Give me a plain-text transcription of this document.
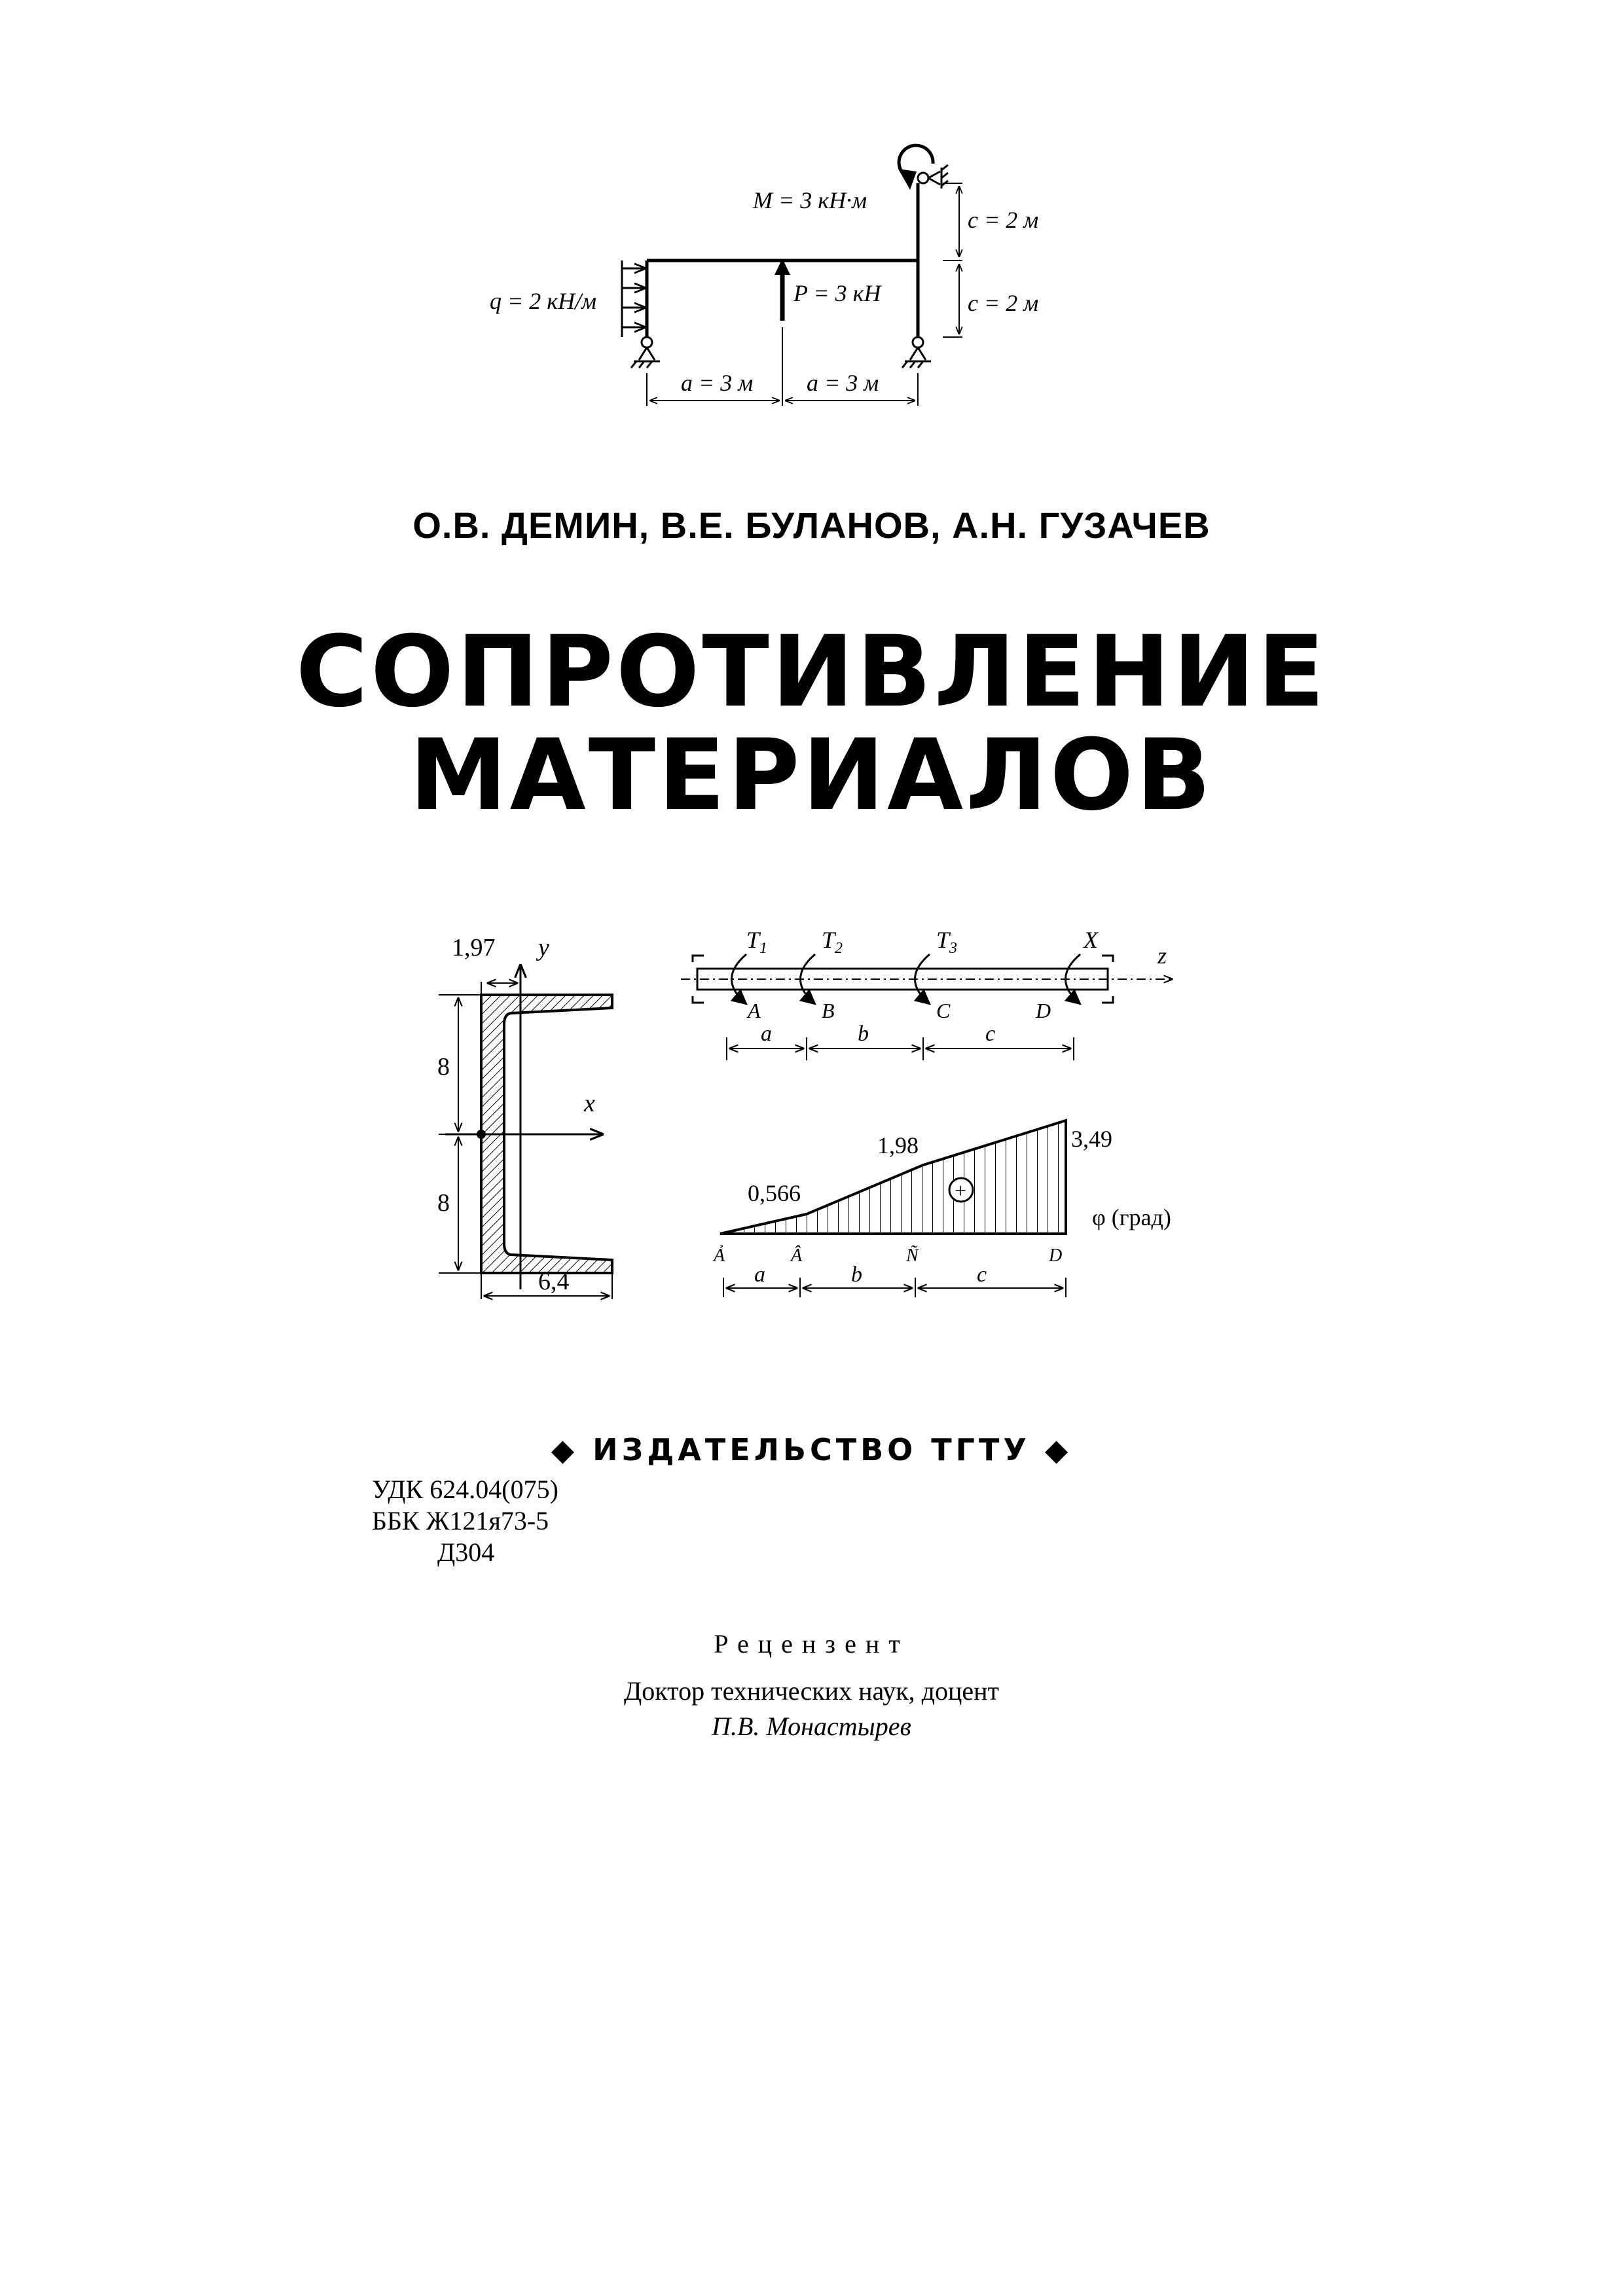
M = 3 кН·м
q = 2 кН/м	P = 3 кН
c = 2 м
c = 2 м
a = 3 м a = 3 м
О.В. ДЕМИН, В.Е. БУЛАНОВ, А.Н. ГУЗАЧЕВ
СОПРОТИВЛЕНИЕ
МАТЕРИАЛОВ
1,97 y
x
8
8
6,4
$T_1$ $T_2$	$T_3$	X
z
A	B	C	D
a	b	c
+
0,566
1,98	3,49
φ (град)
Ả	Â	Ñ	D
a	b	c
◆ ИЗДАТЕЛЬСТВО ТГТУ ◆
УДК 624.04(075)
ББК Ж121я73-5
Д304
Рецензент
Доктор технических наук, доцент
П.В. Монастырев
